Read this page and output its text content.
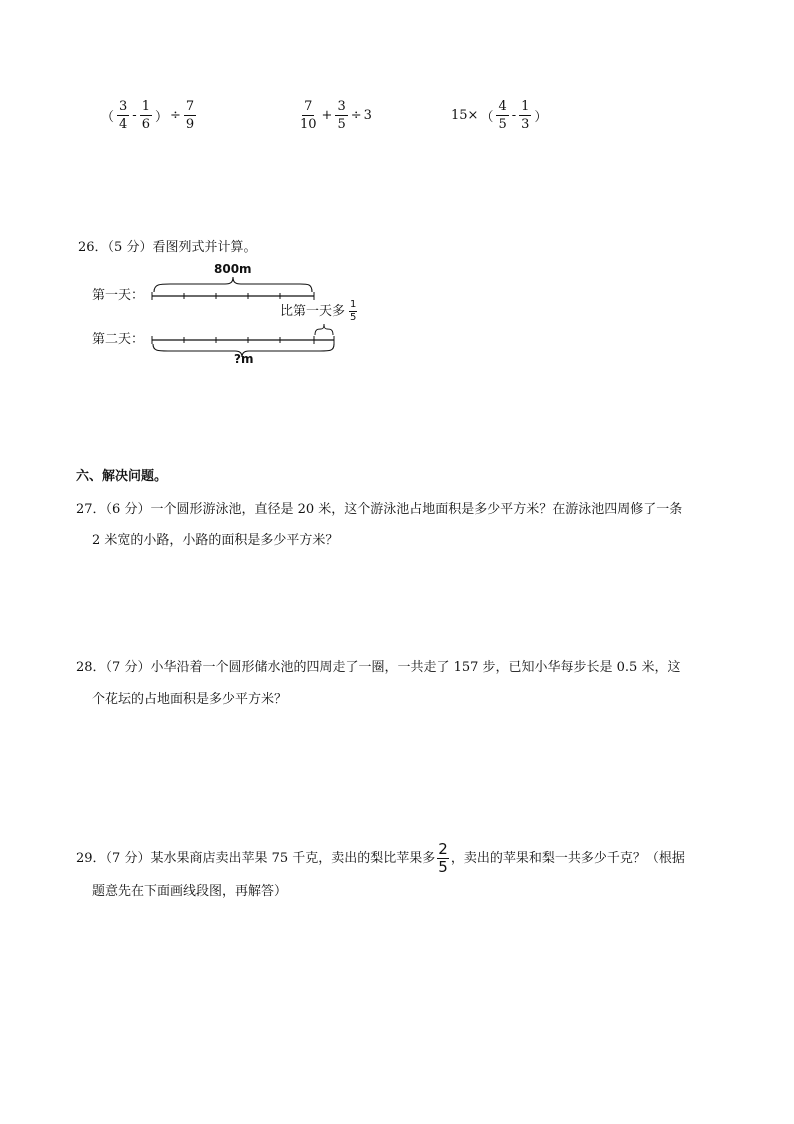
（ $\frac{3}{4} - \frac{1}{6}$ ） ÷ $\frac{7}{9}$	$\frac{7}{10} + \frac{3}{5} \div 3$	15× （ $\frac{4}{5} - \frac{1}{3}$ ）
26．（5 分）看图列式并计算。
第一天：
第二天：
800m
?m
比第一天多 $\frac{1}{5}$
六、解决问题。
27．（6 分）一个圆形游泳池，直径是 20 米，这个游泳池占地面积是多少平方米？在游泳池四周修了一条
2 米宽的小路，小路的面积是多少平方米？
28．（7 分）小华沿着一个圆形储水池的四周走了一圈，一共走了 157 步，已知小华每步长是 0.5 米，这
个花坛的占地面积是多少平方米？
29．（7 分）某水果商店卖出苹果 75 千克，卖出的梨比苹果多 $\frac{2}{5}$ ，卖出的苹果和梨一共多少千克？（根据
题意先在下面画线段图，再解答）
